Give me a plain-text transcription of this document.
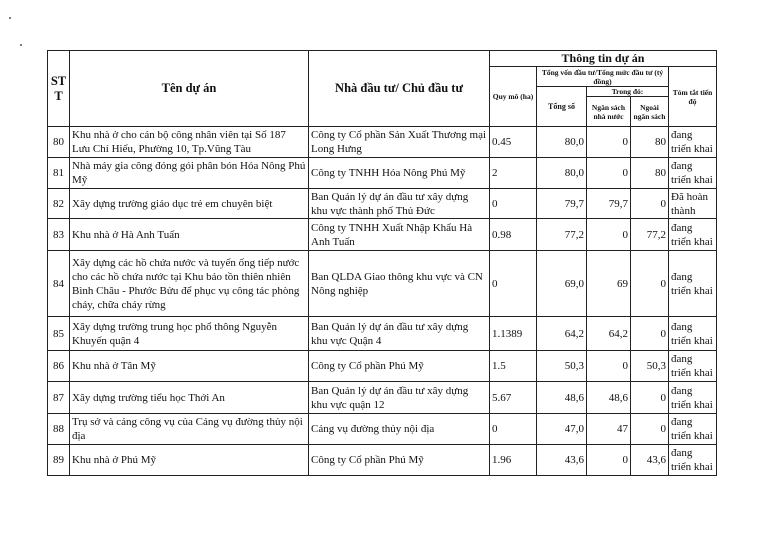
ST T	Tên dự án	Nhà đầu tư/ Chủ đầu tư	Thông tin dự án				
			Quy mô (ha)	Tổng vốn đầu tư/Tổng mức đầu tư (tỷ đồng)			Tóm tắt tiến độ
				Tổng số	Trong đó:		
					Ngân sách nhà nước	Ngoài ngân sách	
80	Khu nhà ở cho cán bộ công nhân viên tại Số 187 Lưu Chí Hiếu, Phường 10, Tp.Vũng Tàu	Công ty Cổ phần Sản Xuất Thương mại Long Hưng	0.45	80,0	0	80	đang triển khai
81	Nhà máy gia công đóng gói phân bón Hóa Nông Phú Mỹ	Công ty TNHH Hóa Nông Phú Mỹ	2	80,0	0	80	đang triển khai
82	Xây dựng trường giáo dục trẻ em chuyên biệt	Ban Quản lý dự án đầu tư xây dựng khu vực thành phố Thủ Đức	0	79,7	79,7	0	Đã hoàn thành
83	Khu nhà ở Hà Anh Tuấn	Công ty TNHH Xuất Nhập Khẩu Hà Anh Tuấn	0.98	77,2	0	77,2	đang triển khai
84	Xây dựng các hồ chứa nước và tuyến ống tiếp nước cho các hồ chứa nước tại Khu bảo tồn thiên nhiên Bình Châu - Phước Bửu để phục vụ công tác phòng cháy, chữa cháy rừng	Ban QLDA Giao thông khu vực và CN Nông nghiệp	0	69,0	69	0	đang triển khai
85	Xây dựng trường trung học phổ thông Nguyễn Khuyến quận 4	Ban Quản lý dự án đầu tư xây dựng khu vực Quận 4	1.1389	64,2	64,2	0	đang triển khai
86	Khu nhà ở Tân Mỹ	Công ty Cổ phần Phú Mỹ	1.5	50,3	0	50,3	đang triển khai
87	Xây dựng trường tiểu học Thới An	Ban Quản lý dự án đầu tư xây dựng khu vực quận 12	5.67	48,6	48,6	0	đang triển khai
88	Trụ sở và cảng công vụ của Cảng vụ đường thủy nội địa	Cảng vụ đường thủy nội địa	0	47,0	47	0	đang triển khai
89	Khu nhà ở Phú Mỹ	Công ty Cổ phần Phú Mỹ	1.96	43,6	0	43,6	đang triển khai
